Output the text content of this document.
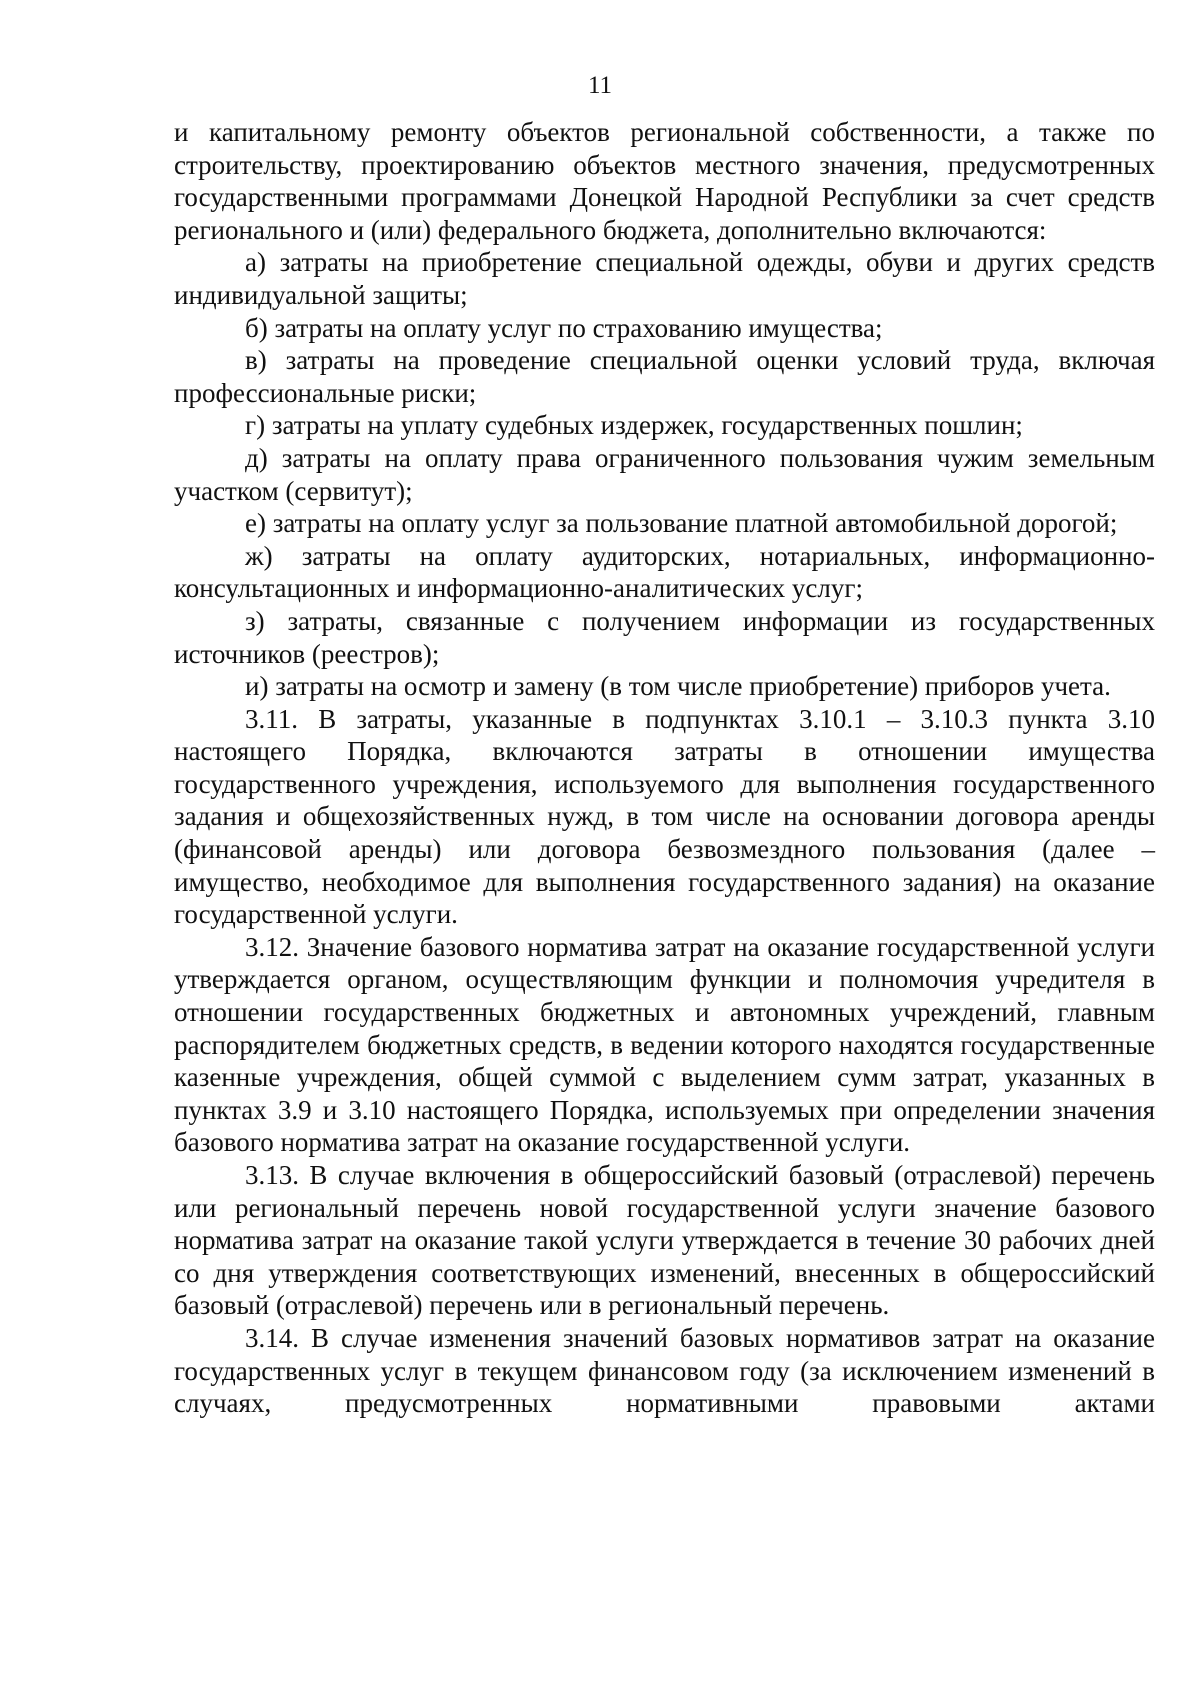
11

и капитальному ремонту объектов региональной собственности, а также по строительству, проектированию объектов местного значения, предусмотренных государственными программами Донецкой Народной Республики за счет средств регионального и (или) федерального бюджета, дополнительно включаются:

а) затраты на приобретение специальной одежды, обуви и других средств индивидуальной защиты;

б) затраты на оплату услуг по страхованию имущества;

в) затраты на проведение специальной оценки условий труда, включая профессиональные риски;

г) затраты на уплату судебных издержек, государственных пошлин;

д) затраты на оплату права ограниченного пользования чужим земельным участком (сервитут);

е) затраты на оплату услуг за пользование платной автомобильной дорогой;

ж) затраты на оплату аудиторских, нотариальных, информационно-консультационных и информационно-аналитических услуг;

з) затраты, связанные с получением информации из государственных источников (реестров);

и) затраты на осмотр и замену (в том числе приобретение) приборов учета.

3.11. В затраты, указанные в подпунктах 3.10.1 – 3.10.3 пункта 3.10 настоящего Порядка, включаются затраты в отношении имущества государственного учреждения, используемого для выполнения государственного задания и общехозяйственных нужд, в том числе на основании договора аренды (финансовой аренды) или договора безвозмездного пользования (далее – имущество, необходимое для выполнения государственного задания) на оказание государственной услуги.

3.12. Значение базового норматива затрат на оказание государственной услуги утверждается органом, осуществляющим функции и полномочия учредителя в отношении государственных бюджетных и автономных учреждений, главным распорядителем бюджетных средств, в ведении которого находятся государственные казенные учреждения, общей суммой с выделением сумм затрат, указанных в пунктах 3.9 и 3.10 настоящего Порядка, используемых при определении значения базового норматива затрат на оказание государственной услуги.

3.13. В случае включения в общероссийский базовый (отраслевой) перечень или региональный перечень новой государственной услуги значение базового норматива затрат на оказание такой услуги утверждается в течение 30 рабочих дней со дня утверждения соответствующих изменений, внесенных в общероссийский базовый (отраслевой) перечень или в региональный перечень.

3.14. В случае изменения значений базовых нормативов затрат на оказание государственных услуг в текущем финансовом году (за исключением изменений в случаях, предусмотренных нормативными правовыми актами
